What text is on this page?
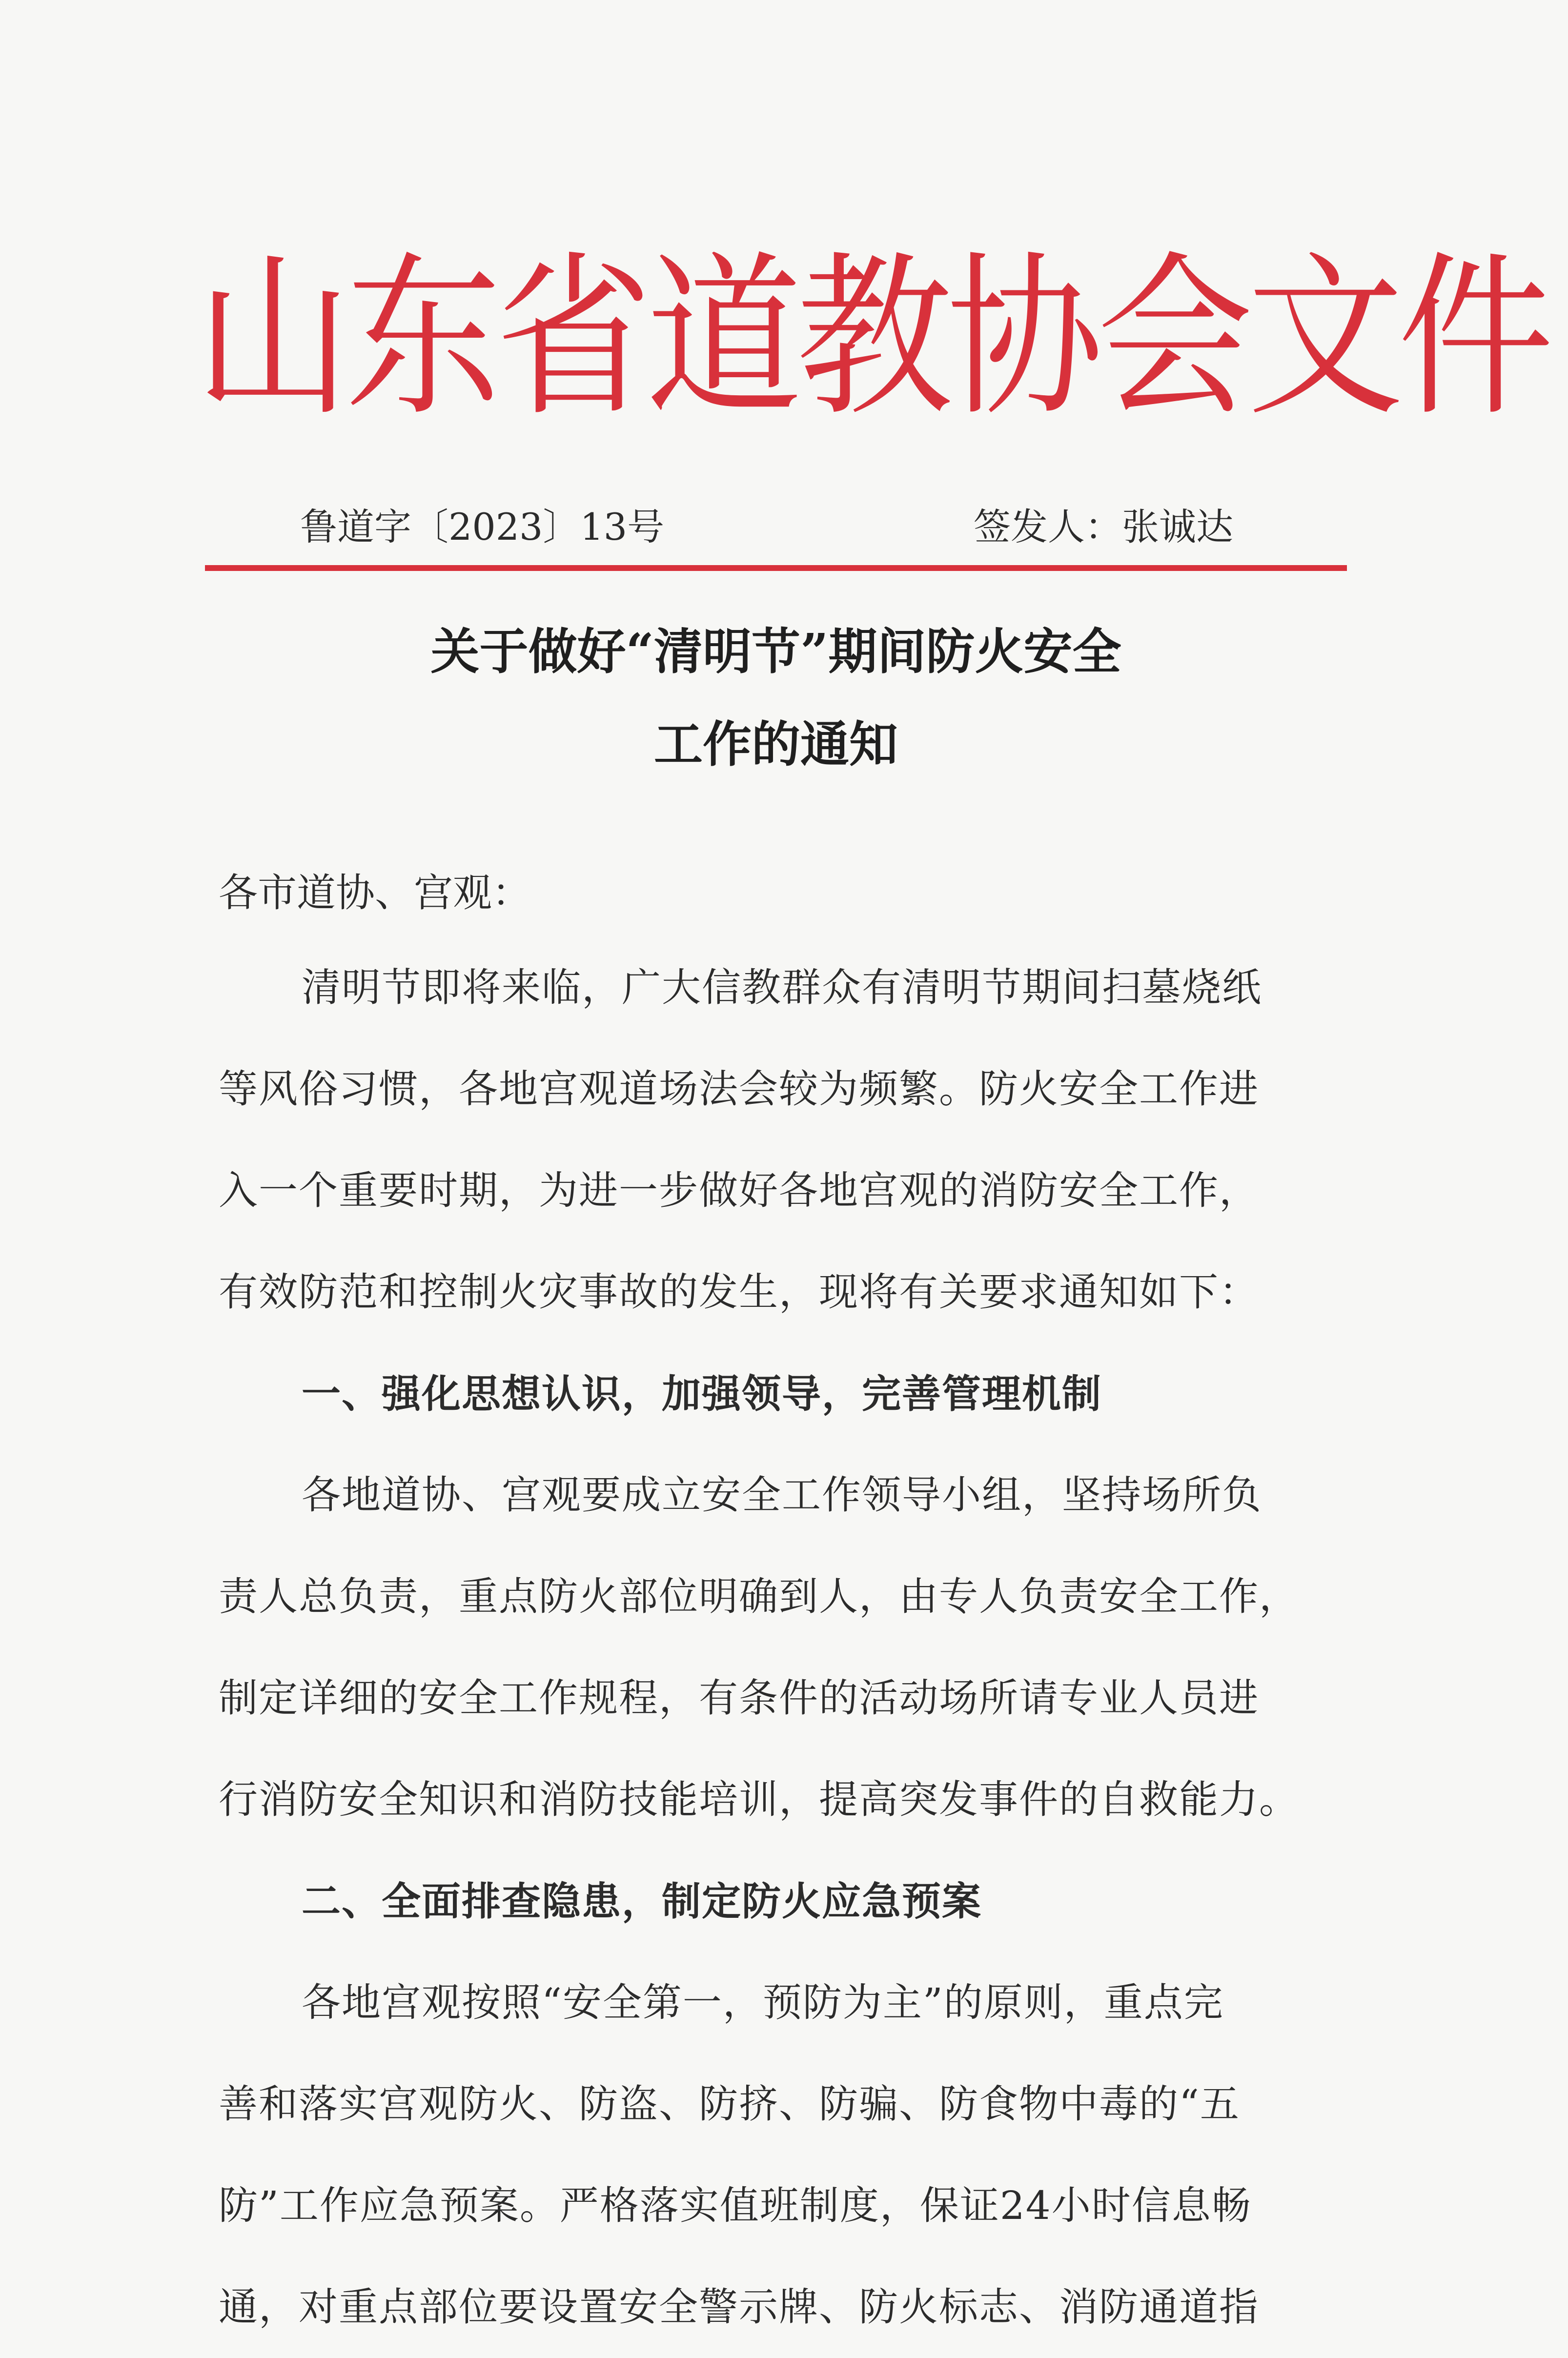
山东省道教协会文件
鲁道字〔2023〕13号	签发人：张诚达
关于做好“清明节”期间防火安全
工作的通知
各市道协、宫观：
清明节即将来临，广大信教群众有清明节期间扫墓烧纸
等风俗习惯，各地宫观道场法会较为频繁。防火安全工作进
入一个重要时期，为进一步做好各地宫观的消防安全工作，
有效防范和控制火灾事故的发生，现将有关要求通知如下：
一、强化思想认识，加强领导，完善管理机制
各地道协、宫观要成立安全工作领导小组，坚持场所负
责人总负责，重点防火部位明确到人，由专人负责安全工作，
制定详细的安全工作规程，有条件的活动场所请专业人员进
行消防安全知识和消防技能培训，提高突发事件的自救能力。
二、全面排查隐患，制定防火应急预案
各地宫观按照“安全第一，预防为主”的原则，重点完
善和落实宫观防火、防盗、防挤、防骗、防食物中毒的“五
防”工作应急预案。严格落实值班制度，保证24小时信息畅
通，对重点部位要设置安全警示牌、防火标志、消防通道指
